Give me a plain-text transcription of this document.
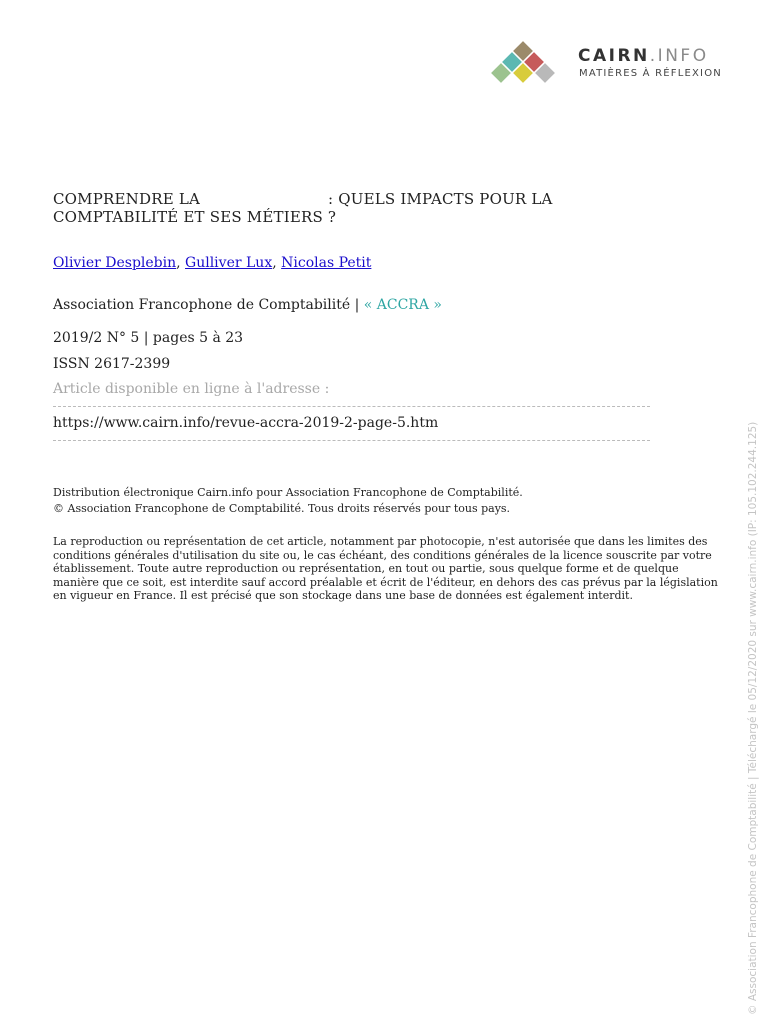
CAIRN.INFO
MATIÈRES À RÉFLEXION
COMPRENDRE LA	: QUELS IMPACTS POUR LA COMPTABILITÉ ET SES MÉTIERS ?
Olivier Desplebin, Gulliver Lux, Nicolas Petit
Association Francophone de Comptabilité | « ACCRA »
2019/2 N° 5 | pages 5 à 23
ISSN 2617-2399
Article disponible en ligne à l'adresse :
https://www.cairn.info/revue-accra-2019-2-page-5.htm
Distribution électronique Cairn.info pour Association Francophone de Comptabilité.
© Association Francophone de Comptabilité. Tous droits réservés pour tous pays.
La reproduction ou représentation de cet article, notamment par photocopie, n'est autorisée que dans les limites des conditions générales d'utilisation du site ou, le cas échéant, des conditions générales de la licence souscrite par votre établissement. Toute autre reproduction ou représentation, en tout ou partie, sous quelque forme et de quelque manière que ce soit, est interdite sauf accord préalable et écrit de l'éditeur, en dehors des cas prévus par la législation en vigueur en France. Il est précisé que son stockage dans une base de données est également interdit.	© Association Francophone de Comptabilité | Téléchargé le 05/12/2020 sur www.cairn.info (IP: 105.102.244.125)
